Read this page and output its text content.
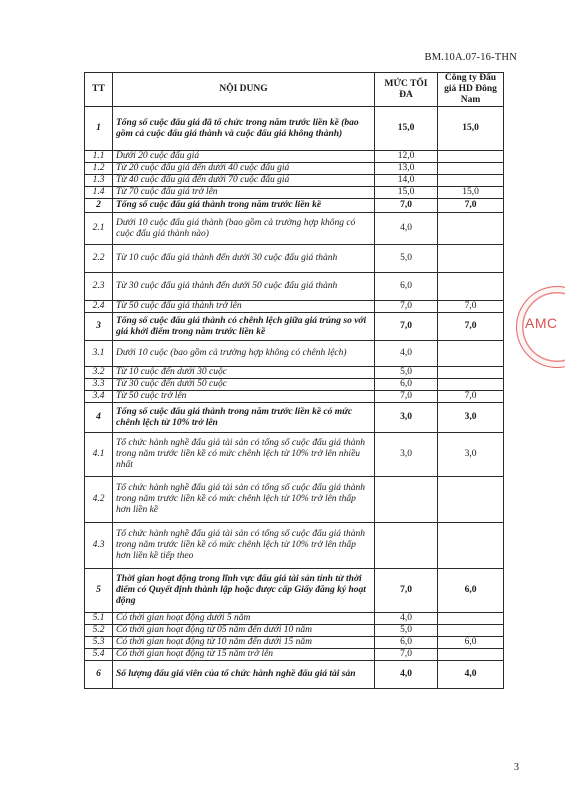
BM.10A.07-16-THN
AMC
TT	NỘI DUNG	MỨC TỐI ĐA	Công ty Đấu giá HD Đông Nam
1	Tổng số cuộc đấu giá đã tổ chức trong năm trước liền kề (bao gồm cả cuộc đấu giá thành và cuộc đấu giá không thành)	15,0	15,0
1.1	Dưới 20 cuộc đấu giá	12,0	
1.2	Từ 20 cuộc đấu giá đến dưới 40 cuộc đấu giá	13,0	
1.3	Từ 40 cuộc đấu giá đến dưới 70 cuộc đấu giá	14,0	
1.4	Từ 70 cuộc đấu giá trở lên	15,0	15,0
2	Tổng số cuộc đấu giá thành trong năm trước liền kề	7,0	7,0
2.1	Dưới 10 cuộc đấu giá thành (bao gồm cả trường hợp không có cuộc đấu giá thành nào)	4,0	
2.2	Từ 10 cuộc đấu giá thành đến dưới 30 cuộc đấu giá thành	5,0	
2.3	Từ 30 cuộc đấu giá thành đến dưới 50 cuộc đấu giá thành	6,0	
2.4	Từ 50 cuộc đấu giá thành trở lên	7,0	7,0
3	Tổng số cuộc đấu giá thành có chênh lệch giữa giá trúng so với giá khởi điểm trong năm trước liền kề	7,0	7,0
3.1	Dưới 10 cuộc (bao gồm cả trường hợp không có chênh lệch)	4,0	
3.2	Từ 10 cuộc đến dưới 30 cuộc	5,0	
3.3	Từ 30 cuộc đến dưới 50 cuộc	6,0	
3.4	Từ 50 cuộc trở lên	7,0	7,0
4	Tổng số cuộc đấu giá thành trong năm trước liền kề có mức chênh lệch từ 10% trở lên	3,0	3,0
4.1	Tổ chức hành nghề đấu giá tài sản có tổng số cuộc đấu giá thành trong năm trước liền kề có mức chênh lệch từ 10% trở lên nhiều nhất	3,0	3,0
4.2	Tổ chức hành nghề đấu giá tài sản có tổng số cuộc đấu giá thành trong năm trước liền kề có mức chênh lệch từ 10% trở lên thấp hơn liền kề		
4.3	Tổ chức hành nghề đấu giá tài sản có tổng số cuộc đấu giá thành trong năm trước liền kề có mức chênh lệch từ 10% trở lên thấp hơn liền kề tiếp theo		
5	Thời gian hoạt động trong lĩnh vực đấu giá tài sản tính từ thời điểm có Quyết định thành lập hoặc được cấp Giấy đăng ký hoạt động	7,0	6,0
5.1	Có thời gian hoạt động dưới 5 năm	4,0	
5.2	Có thời gian hoạt động từ 05 năm đến dưới 10 năm	5,0	
5.3	Có thời gian hoạt động từ 10 năm đến dưới 15 năm	6,0	6,0
5.4	Có thời gian hoạt động từ 15 năm trở lên	7,0	
6	Số lượng đấu giá viên của tổ chức hành nghề đấu giá tài sản	4,0	4,0
3
